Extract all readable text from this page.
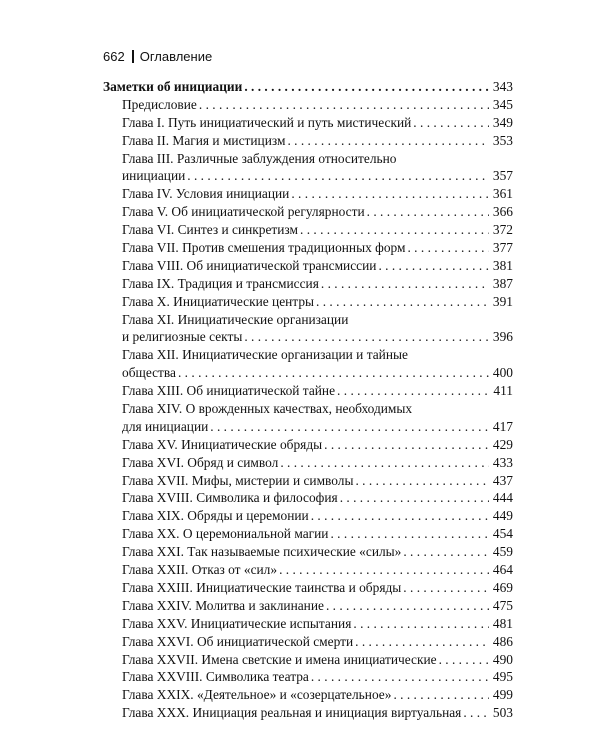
662 Оглавление
Заметки об инициации . . .	343
Предисловие . . .	345
Глава I. Путь инициатический и путь мистический . . .	349
Глава II. Магия и мистицизм . . .	353
Глава III. Различные заблуждения относительно
инициации . . .	357
Глава IV. Условия инициации . . .	361
Глава V. Об инициатической регулярности . . .	366
Глава VI. Синтез и синкретизм . . .	372
Глава VII. Против смешения традиционных форм . . .	377
Глава VIII. Об инициатической трансмиссии . . .	381
Глава IX. Традиция и трансмиссия . . .	387
Глава X. Инициатические центры . . .	391
Глава XI. Инициатические организации
и религиозные секты . . .	396
Глава XII. Инициатические организации и тайные
общества . . .	400
Глава XIII. Об инициатической тайне . . .	411
Глава XIV. О врожденных качествах, необходимых
для инициации . . .	417
Глава XV. Инициатические обряды . . .	429
Глава XVI. Обряд и символ . . .	433
Глава XVII. Мифы, мистерии и символы . . .	437
Глава XVIII. Символика и философия . . .	444
Глава XIX. Обряды и церемонии . . .	449
Глава XX. О церемониальной магии . . .	454
Глава XXI. Так называемые психические «силы» . . .	459
Глава XXII. Отказ от «сил» . . .	464
Глава XXIII. Инициатические таинства и обряды . . .	469
Глава XXIV. Молитва и заклинание . . .	475
Глава XXV. Инициатические испытания . . .	481
Глава XXVI. Об инициатической смерти . . .	486
Глава XXVII. Имена светские и имена инициатические . . .	490
Глава XXVIII. Символика театра . . .	495
Глава XXIX. «Деятельное» и «созерцательное» . . .	499
Глава XXX. Инициация реальная и инициация виртуальная . . . 503
